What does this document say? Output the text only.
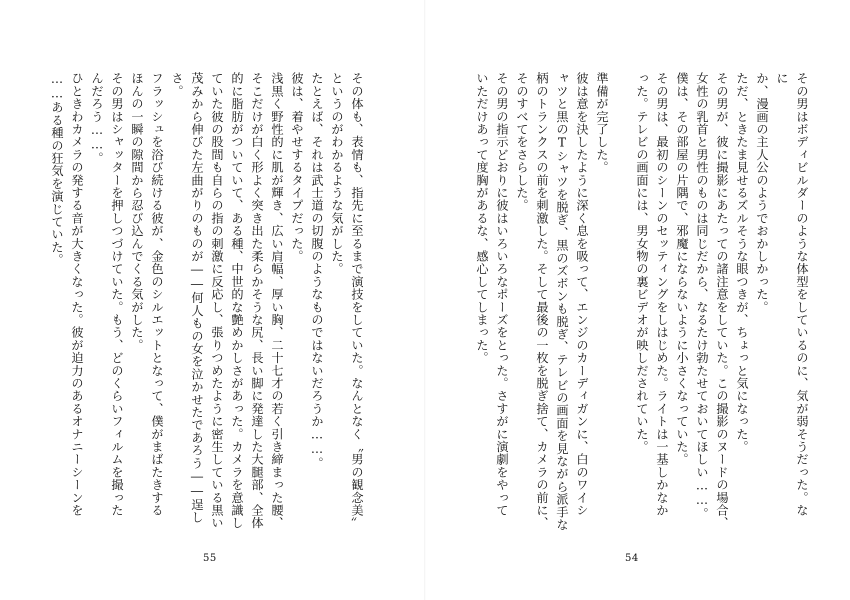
その体も、表情も、指先に至るまで演技をしていた。なんとなく〝男の観念美〟
というのがわかるような気がした。
たとえば、それは武士道の切腹のようなものではないだろうか……。
彼は、着やせするタイプだった。
浅黒く野性的に肌が輝き、広い肩幅、厚い胸、二十七才の若く引き締まった腰、
そこだけが白く形よく突き出た柔らかそうな尻、長い脚に発達した大腿部、全体
的に脂肪がついていて、ある種、中世的な艶めかしさがあった。カメラを意識し
ていた彼の股間も自らの指の刺激に反応し、張りつめたように密生している黒い
茂みから伸びた左曲がりのものが――何人もの女を泣かせたであろう――逞し
さ。
フラッシュを浴び続ける彼が、金色のシルエットとなって、僕がまばたきする
ほんの一瞬の隙間から忍び込んでくる気がした。
その男はシャッターを押しつづけていた。もう、どのくらいフィルムを撮った
んだろう……。
ひときわカメラの発する音が大きくなった。彼が迫力のあるオナニーシーンを
……ある種の狂気を演じていた。
55
その男はボディビルダーのような体型をしているのに、気が弱そうだった。な
に
か、漫画の主人公のようでおかしかった。
ただ、ときたま見せるズルそうな眼つきが、ちょっと気になった。
その男が、彼に撮影にあたっての諸注意をしていた。この撮影のヌードの場合、
女性の乳首と男性のものは同じだから、なるたけ勃たせておいてほしい……。
僕は、その部屋の片隅で、邪魔にならないように小さくなっていた。
その男は、最初のシーンのセッティングをしはじめた。ライトは一基しかなか
った。テレビの画面には、男女物の裏ビデオが映しだされていた。
準備が完了した。
彼は意を決したように深く息を吸って、エンジのカーディガンに、白のワイシ
ャツと黒のTシャツを脱ぎ、黒のズボンも脱ぎ、テレビの画面を見ながら派手な
柄のトランクスの前を刺激した。そして最後の一枚を脱ぎ捨て、カメラの前に、
そのすべてをさらした。
その男の指示どおりに彼はいろいろなポーズをとった。さすがに演劇をやって
いただけあって度胸があるな、感心してしまった。
54
